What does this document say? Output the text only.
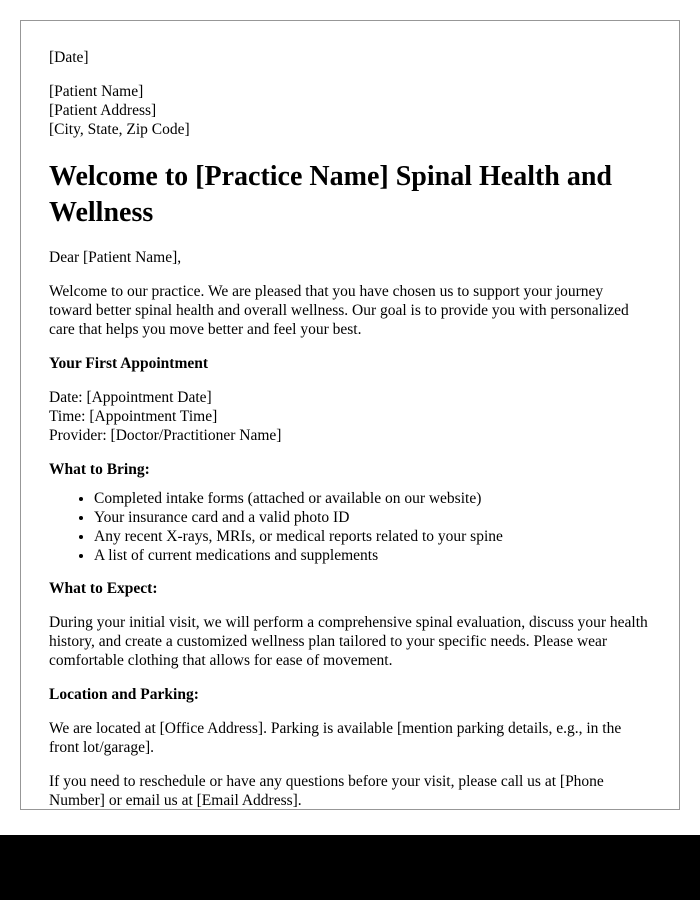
[Date]
[Patient Name]
[Patient Address]
[City, State, Zip Code]
Welcome to [Practice Name] Spinal Health and Wellness
Dear [Patient Name],

Welcome to our practice. We are pleased that you have chosen us to support your journey toward better spinal health and overall wellness. Our goal is to provide you with personalized care that helps you move better and feel your best.

Your First Appointment
Date: [Appointment Date]
Time: [Appointment Time]
Provider: [Doctor/Practitioner Name]
What to Bring:
• Completed intake forms (attached or available on our website)
• Your insurance card and a valid photo ID
• Any recent X-rays, MRIs, or medical reports related to your spine
• A list of current medications and supplements
What to Expect:

During your initial visit, we will perform a comprehensive spinal evaluation, discuss your health history, and create a customized wellness plan tailored to your specific needs. Please wear comfortable clothing that allows for ease of movement.

Location and Parking:

We are located at [Office Address]. Parking is available [mention parking details, e.g., in the front lot/garage].

If you need to reschedule or have any questions before your visit, please call us at [Phone Number] or email us at [Email Address].
